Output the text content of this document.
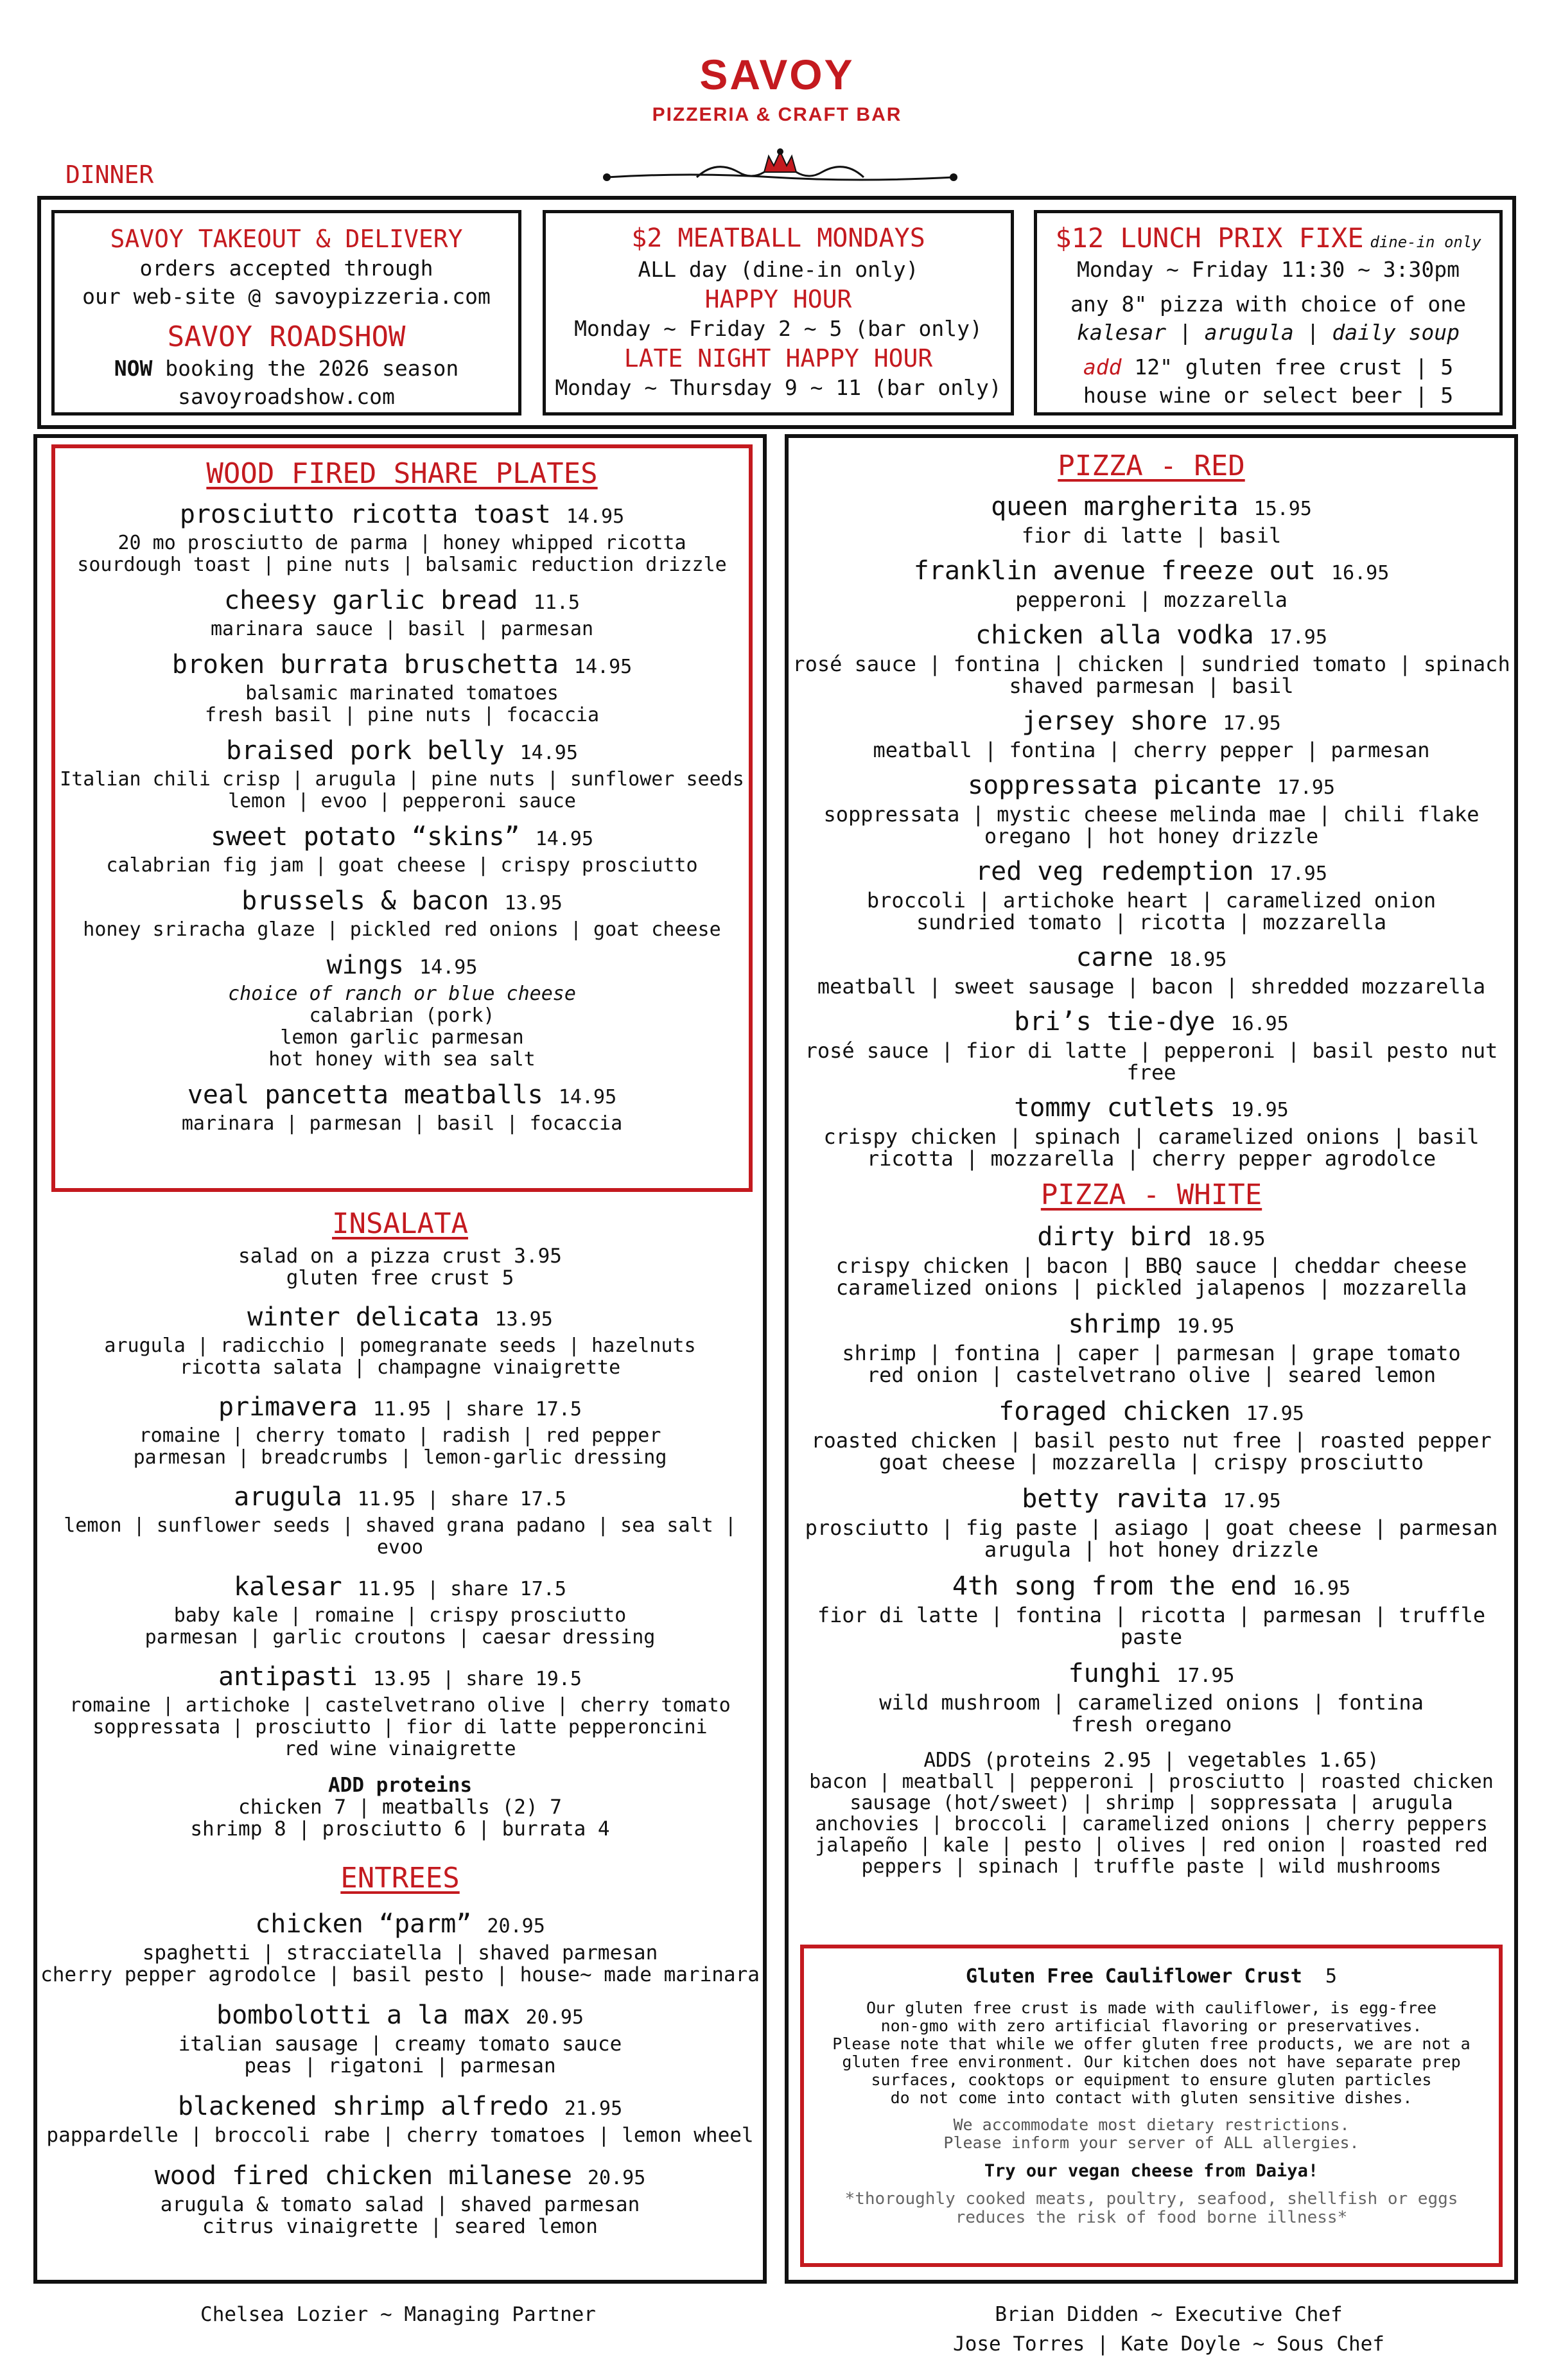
SAVOY
PIZZERIA & CRAFT BAR
DINNER
SAVOY TAKEOUT & DELIVERY
orders accepted through
our web-site @ savoypizzeria.com
SAVOY ROADSHOW
NOW booking the 2026 season
savoyroadshow.com
$2 MEATBALL MONDAYS
ALL day (dine-in only)
HAPPY HOUR
Monday ~ Friday 2 ~ 5 (bar only)
LATE NIGHT HAPPY HOUR
Monday ~ Thursday 9 ~ 11 (bar only)
$12 LUNCH PRIX FIXE dine-in only
Monday ~ Friday 11:30 ~ 3:30pm
any 8" pizza with choice of one
kalesar | arugula | daily soup
add 12" gluten free crust | 5
house wine or select beer | 5
WOOD FIRED SHARE PLATES
prosciutto ricotta toast 14.95
20 mo prosciutto de parma | honey whipped ricotta
sourdough toast | pine nuts | balsamic reduction drizzle
cheesy garlic bread 11.5
marinara sauce | basil | parmesan
broken burrata bruschetta 14.95
balsamic marinated tomatoes
fresh basil | pine nuts | focaccia
braised pork belly 14.95
Italian chili crisp | arugula | pine nuts | sunflower seeds
lemon | evoo | pepperoni sauce
sweet potato “skins” 14.95
calabrian fig jam | goat cheese | crispy prosciutto
brussels & bacon 13.95
honey sriracha glaze | pickled red onions | goat cheese
wings 14.95
choice of ranch or blue cheese
calabrian (pork)
lemon garlic parmesan
hot honey with sea salt
veal pancetta meatballs 14.95
marinara | parmesan | basil | focaccia
INSALATA
salad on a pizza crust 3.95
gluten free crust 5
winter delicata 13.95
arugula | radicchio | pomegranate seeds | hazelnuts
ricotta salata | champagne vinaigrette
primavera 11.95 | share 17.5
romaine | cherry tomato | radish | red pepper
parmesan | breadcrumbs | lemon-garlic dressing
arugula 11.95 | share 17.5
lemon | sunflower seeds | shaved grana padano | sea salt | evoo
kalesar 11.95 | share 17.5
baby kale | romaine | crispy prosciutto
parmesan | garlic croutons | caesar dressing
antipasti 13.95 | share 19.5
romaine | artichoke | castelvetrano olive | cherry tomato
soppressata | prosciutto | fior di latte pepperoncini
red wine vinaigrette
ADD proteins
chicken 7 | meatballs (2) 7
shrimp 8 | prosciutto 6 | burrata 4
ENTREES
chicken “parm” 20.95
spaghetti | stracciatella | shaved parmesan
cherry pepper agrodolce | basil pesto | house~ made marinara
bombolotti a la max 20.95
italian sausage | creamy tomato sauce
peas | rigatoni | parmesan
blackened shrimp alfredo 21.95
pappardelle | broccoli rabe | cherry tomatoes | lemon wheel
wood fired chicken milanese 20.95
arugula & tomato salad | shaved parmesan
citrus vinaigrette | seared lemon
PIZZA - RED
queen margherita 15.95
fior di latte | basil
franklin avenue freeze out 16.95
pepperoni | mozzarella
chicken alla vodka 17.95
rosé sauce | fontina | chicken | sundried tomato | spinach
shaved parmesan | basil
jersey shore 17.95
meatball | fontina | cherry pepper | parmesan
soppressata picante 17.95
soppressata | mystic cheese melinda mae | chili flake
oregano | hot honey drizzle
red veg redemption 17.95
broccoli | artichoke heart | caramelized onion
sundried tomato | ricotta | mozzarella
carne 18.95
meatball | sweet sausage | bacon | shredded mozzarella
bri’s tie-dye 16.95
rosé sauce | fior di latte | pepperoni | basil pesto nut free
tommy cutlets 19.95
crispy chicken | spinach | caramelized onions | basil
ricotta | mozzarella | cherry pepper agrodolce
PIZZA - WHITE
dirty bird 18.95
crispy chicken | bacon | BBQ sauce | cheddar cheese
caramelized onions | pickled jalapenos | mozzarella
shrimp 19.95
shrimp | fontina | caper | parmesan | grape tomato
red onion | castelvetrano olive | seared lemon
foraged chicken 17.95
roasted chicken | basil pesto nut free | roasted pepper
goat cheese | mozzarella | crispy prosciutto
betty ravita 17.95
prosciutto | fig paste | asiago | goat cheese | parmesan
arugula | hot honey drizzle
4th song from the end 16.95
fior di latte | fontina | ricotta | parmesan | truffle paste
funghi 17.95
wild mushroom | caramelized onions | fontina
fresh oregano
ADDS (proteins 2.95 | vegetables 1.65)
bacon | meatball | pepperoni | prosciutto | roasted chicken
sausage (hot/sweet) | shrimp | soppressata | arugula
anchovies | broccoli | caramelized onions | cherry peppers
jalapeño | kale | pesto | olives | red onion | roasted red
peppers | spinach | truffle paste | wild mushrooms
Gluten Free Cauliflower Crust 5
Our gluten free crust is made with cauliflower, is egg-free
non-gmo with zero artificial flavoring or preservatives.
Please note that while we offer gluten free products, we are not a
gluten free environment. Our kitchen does not have separate prep
surfaces, cooktops or equipment to ensure gluten particles
do not come into contact with gluten sensitive dishes.
We accommodate most dietary restrictions.
Please inform your server of ALL allergies.
Try our vegan cheese from Daiya!
*thoroughly cooked meats, poultry, seafood, shellfish or eggs
reduces the risk of food borne illness*
Chelsea Lozier ~ Managing Partner	Brian Didden ~ Executive Chef
Jose Torres | Kate Doyle ~ Sous Chef
